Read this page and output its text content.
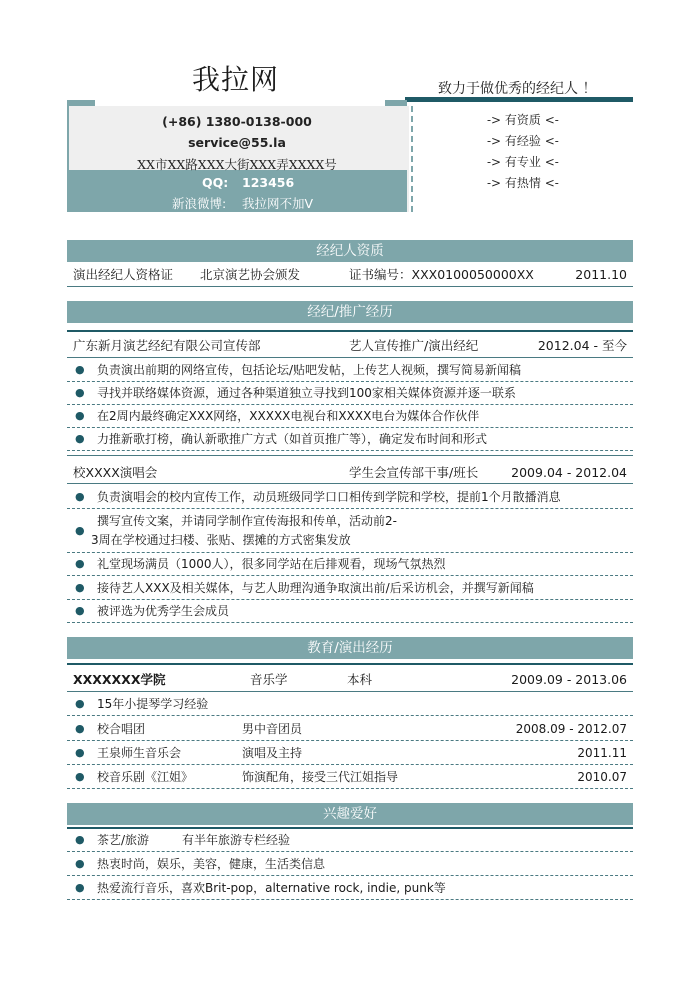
我拉网	致力于做优秀的经纪人 ！
(+86) 1380-0138-000
service@55.la
XX市XX路XXX大街XXX弄XXXX号
QQ: 123456
新浪微博: 我拉网不加V
-> 有资质 <-
-> 有经验 <-
-> 有专业 <-
-> 有热情 <-
经纪人资质
演出经纪人资格证 北京演艺协会颁发	证书编号：XXX0100050000XX	2011.10
经纪/推广经历
广东新月演艺经纪有限公司宣传部	艺人宣传推广/演出经纪	2012.04 - 至今
● 负责演出前期的网络宣传，包括论坛/贴吧发帖，上传艺人视频，撰写简易新闻稿
● 寻找并联络媒体资源，通过各种渠道独立寻找到100家相关媒体资源并逐一联系
● 在2周内最终确定XXX网络，XXXXX电视台和XXXX电台为媒体合作伙伴
● 力推新歌打榜，确认新歌推广方式（如首页推广等），确定发布时间和形式
校XXXX演唱会	学生会宣传部干事/班长	2009.04 - 2012.04
● 负责演唱会的校内宣传工作，动员班级同学口口相传到学院和学校，提前1个月散播消息
●
撰写宣传文案，并请同学制作宣传海报和传单，活动前2-
3周在学校通过扫楼、张贴、摆摊的方式密集发放
● 礼堂现场满员（1000人），很多同学站在后排观看，现场气氛热烈
● 接待艺人XXX及相关媒体，与艺人助理沟通争取演出前/后采访机会，并撰写新闻稿
● 被评选为优秀学生会成员
教育/演出经历
XXXXXXX学院	音乐学	本科	2009.09 - 2013.06
● 15年小提琴学习经验
● 校合唱团	男中音团员	2008.09 - 2012.07
● 王泉师生音乐会	演唱及主持	2011.11
● 校音乐剧《江姐》	饰演配角，接受三代江姐指导	2010.07
兴趣爱好
● 茶艺/旅游	有半年旅游专栏经验
● 热衷时尚，娱乐，美容，健康，生活类信息
● 热爱流行音乐，喜欢Brit-pop，alternative rock, indie, punk等
